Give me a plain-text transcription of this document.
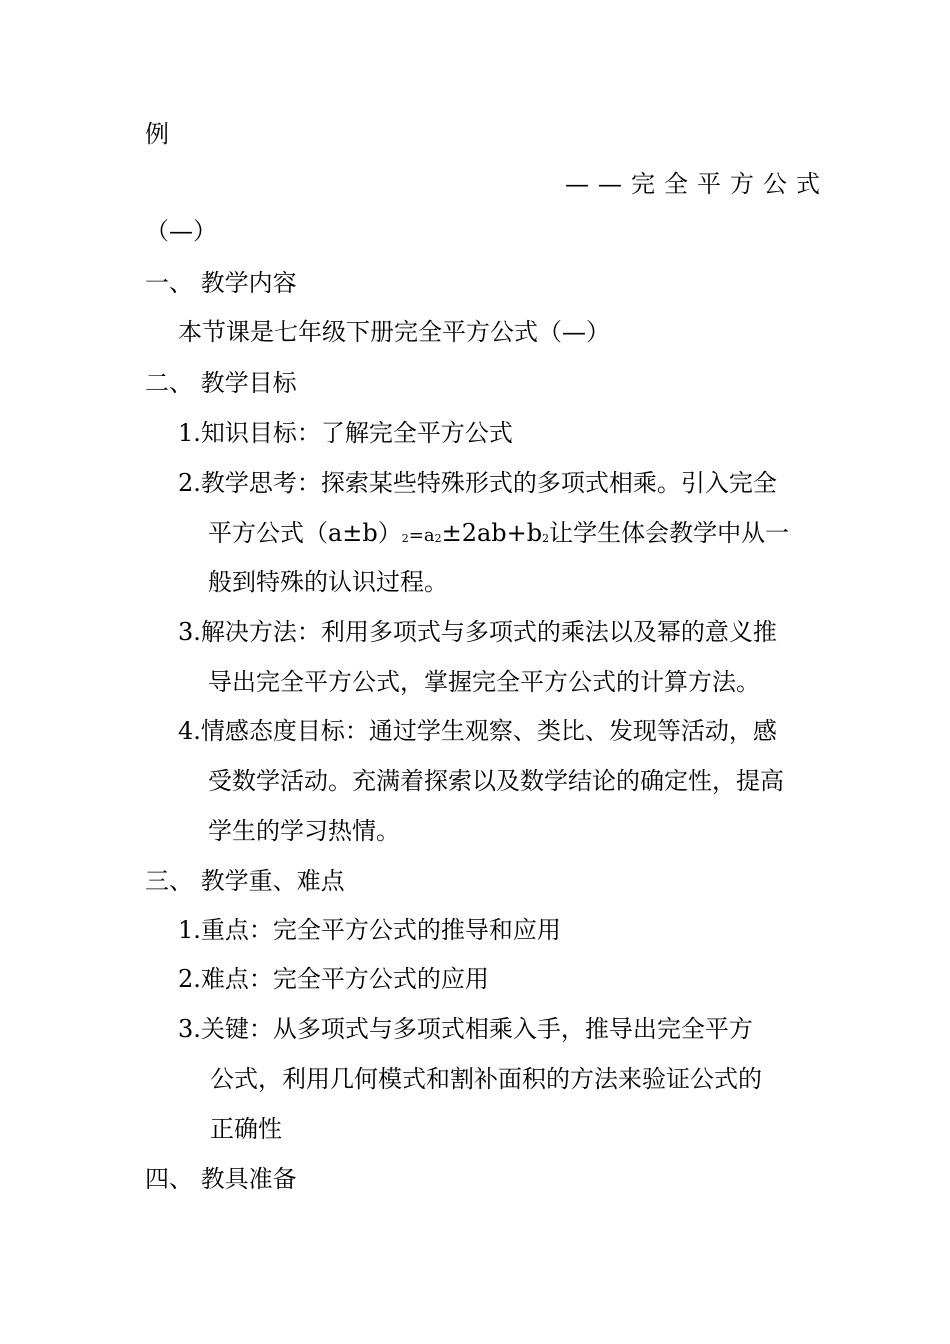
例
——完全平方公式
（—）
一、 教学内容
本节课是七年级下册完全平方公式（—）
二、 教学目标
1.知识目标：了解完全平方公式
2.教学思考：探索某些特殊形式的多项式相乘。引入完全
平方公式（a±b）2=a2±2ab+b2让学生体会教学中从一
般到特殊的认识过程。
3.解决方法：利用多项式与多项式的乘法以及幂的意义推
导出完全平方公式，掌握完全平方公式的计算方法。
4.情感态度目标：通过学生观察、类比、发现等活动，感
受数学活动。充满着探索以及数学结论的确定性，提高
学生的学习热情。
三、 教学重、难点
1.重点：完全平方公式的推导和应用
2.难点：完全平方公式的应用
3.关键：从多项式与多项式相乘入手，推导出完全平方
公式，利用几何模式和割补面积的方法来验证公式的
正确性
四、 教具准备
